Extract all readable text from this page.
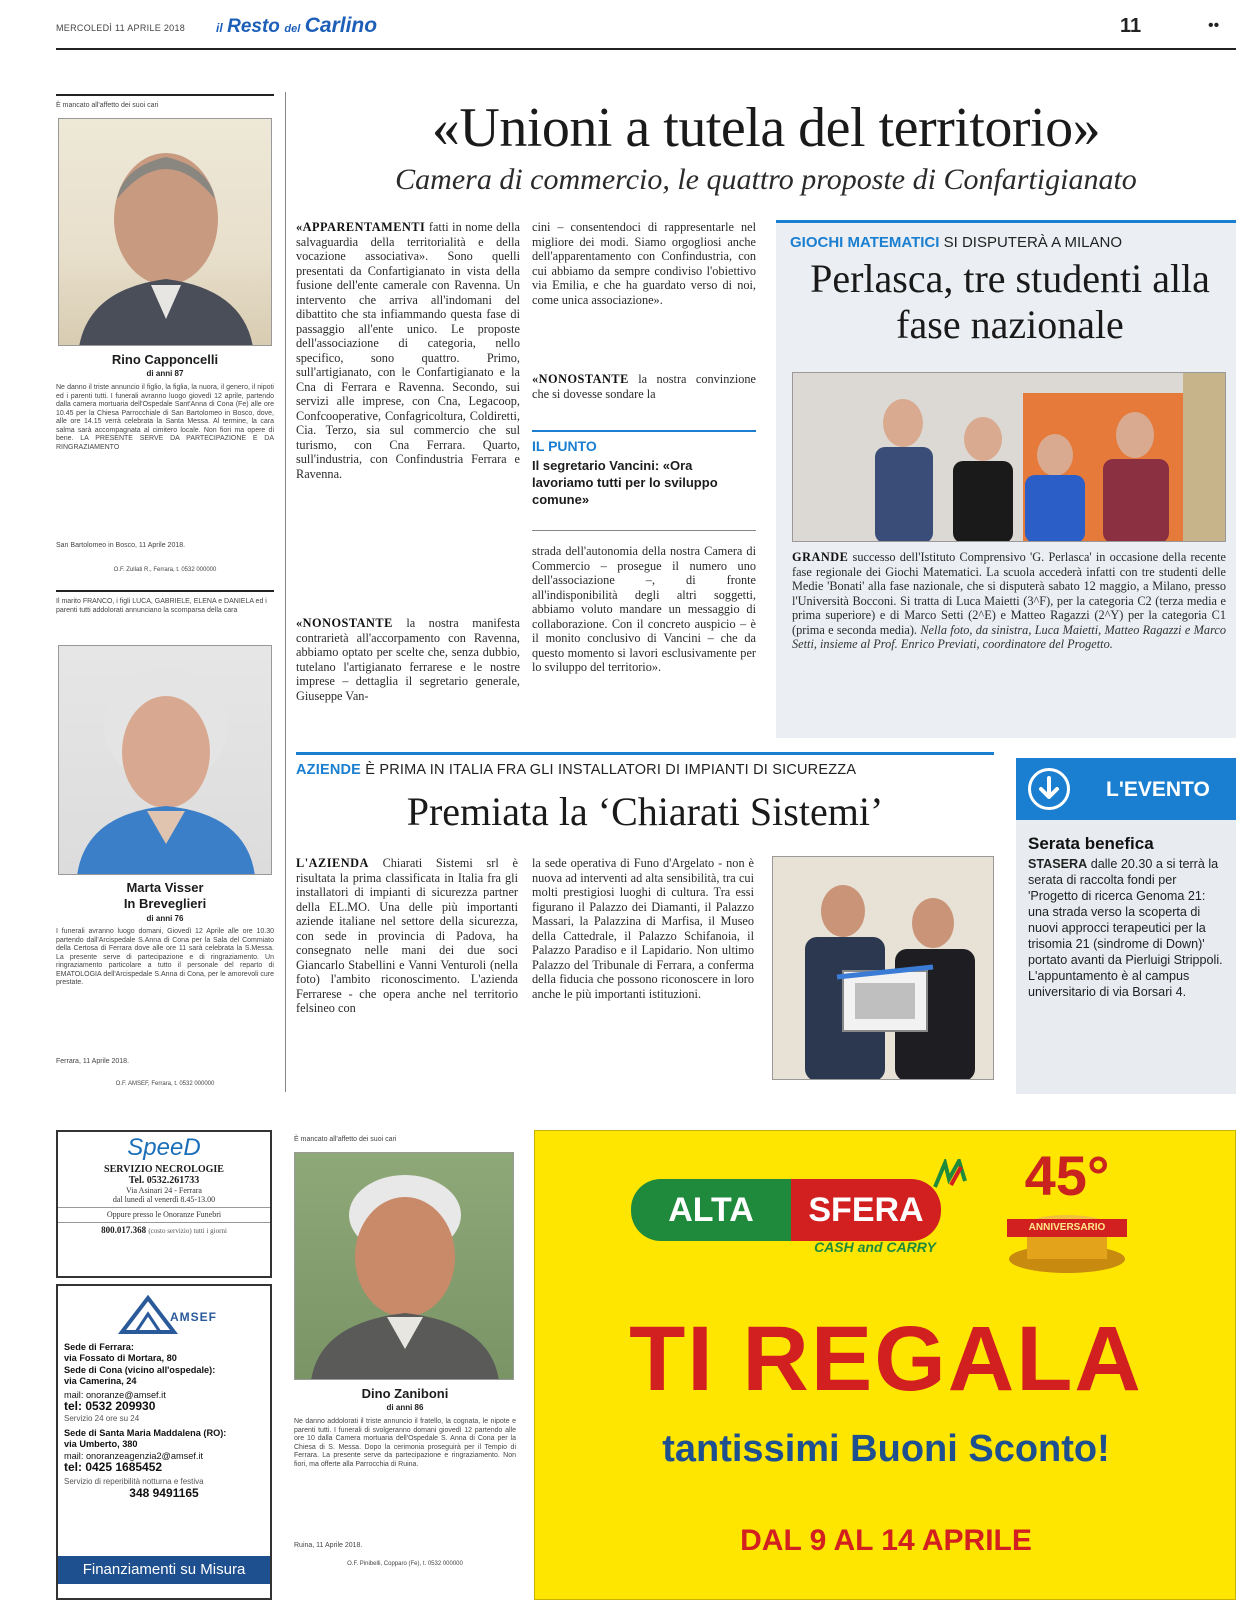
MERCOLEDÌ 11 APRILE 2018	il Resto del Carlino	11	••
È mancato all'affetto dei suoi cari
Rino Capponcelli
di anni 87
Ne danno il triste annuncio il figlio, la figlia, la nuora, il genero, il nipoti ed i parenti tutti. I funerali avranno luogo giovedì 12 aprile, partendo dalla camera mortuaria dell'Ospedale Sant'Anna di Cona (Fe) alle ore 10.45 per la Chiesa Parrocchiale di San Bartolomeo in Bosco, dove, alle ore 14.15 verrà celebrata la Santa Messa. Al termine, la cara salma sarà accompagnata al cimitero locale. Non fiori ma opere di bene. LA PRESENTE SERVE DA PARTECIPAZIONE E DA RINGRAZIAMENTO
San Bartolomeo in Bosco, 11 Aprile 2018.
O.F. Zullati R., Ferrara, t. 0532 000000
Il marito FRANCO, i figli LUCA, GABRIELE, ELENA e DANIELA ed i parenti tutti addolorati annunciano la scomparsa della cara
Marta Visser
In Breveglieri
di anni 76
I funerali avranno luogo domani, Giovedì 12 Aprile alle ore 10.30 partendo dall'Arcispedale S.Anna di Cona per la Sala del Commiato della Certosa di Ferrara dove alle ore 11 sarà celebrata la S.Messa. La presente serve di partecipazione e di ringraziamento. Un ringraziamento particolare a tutto il personale del reparto di EMATOLOGIA dell'Arcispedale S.Anna di Cona, per le amorevoli cure prestate.
Ferrara, 11 Aprile 2018.
O.F. AMSEF, Ferrara, t. 0532 000000
«Unioni a tutela del territorio»
Camera di commercio, le quattro proposte di Confartigianato
«APPARENTAMENTI fatti in nome della salvaguardia della territorialità e della vocazione associativa». Sono quelli presentati da Confartigianato in vista della fusione dell'ente camerale con Ravenna. Un intervento che arriva all'indomani del dibattito che sta infiammando questa fase di passaggio all'ente unico. Le proposte dell'associazione di categoria, nello specifico, sono quattro. Primo, sull'artigianato, con le Confartigianato e la Cna di Ferrara e Ravenna. Secondo, sui servizi alle imprese, con Cna, Legacoop, Confcooperative, Confagricoltura, Coldiretti, Cia. Terzo, sia sul commercio che sul turismo, con Cna Ferrara. Quarto, sull'industria, con Confindustria Ferrara e Ravenna.
«NONOSTANTE la nostra manifesta contrarietà all'accorpamento con Ravenna, abbiamo optato per scelte che, senza dubbio, tutelano l'artigianato ferrarese e le nostre imprese – dettaglia il segretario generale, Giuseppe Van-
cini – consentendoci di rappresentarle nel migliore dei modi. Siamo orgogliosi anche dell'apparentamento con Confindustria, con cui abbiamo da sempre condiviso l'obiettivo via Emilia, e che ha guardato verso di noi, come unica associazione».
«NONOSTANTE la nostra convinzione che si dovesse sondare la
IL PUNTO
Il segretario Vancini: «Ora lavoriamo tutti per lo sviluppo comune»
strada dell'autonomia della nostra Camera di Commercio – prosegue il numero uno dell'associazione –, di fronte all'indisponibilità degli altri soggetti, abbiamo voluto mandare un messaggio di collaborazione. Con il concreto auspicio – è il monito conclusivo di Vancini – che da questo momento si lavori esclusivamente per lo sviluppo del territorio».
GIOCHI MATEMATICI SI DISPUTERÀ A MILANO
Perlasca, tre studenti alla fase nazionale
GRANDE successo dell'Istituto Comprensivo 'G. Perlasca' in occasione della recente fase regionale dei Giochi Matematici. La scuola accederà infatti con tre studenti delle Medie 'Bonati' alla fase nazionale, che si disputerà sabato 12 maggio, a Milano, presso l'Università Bocconi. Si tratta di Luca Maietti (3^F), per la categoria C2 (terza media e prima superiore) e di Marco Setti (2^E) e Matteo Ragazzi (2^Y) per la categoria C1 (prima e seconda media). Nella foto, da sinistra, Luca Maietti, Matteo Ragazzi e Marco Setti, insieme al Prof. Enrico Previati, coordinatore del Progetto.
AZIENDE È PRIMA IN ITALIA FRA GLI INSTALLATORI DI IMPIANTI DI SICUREZZA
Premiata la ‘Chiarati Sistemi’
L'AZIENDA Chiarati Sistemi srl è risultata la prima classificata in Italia fra gli installatori di impianti di sicurezza partner della EL.MO. Una delle più importanti aziende italiane nel settore della sicurezza, con sede in provincia di Padova, ha consegnato nelle mani dei due soci Giancarlo Stabellini e Vanni Venturoli (nella foto) l'ambito riconoscimento. L'azienda Ferrarese - che opera anche nel territorio felsineo con
la sede operativa di Funo d'Argelato - non è nuova ad interventi ad alta sensibilità, tra cui molti prestigiosi luoghi di cultura. Tra essi figurano il Palazzo dei Diamanti, il Palazzo Massari, la Palazzina di Marfisa, il Museo della Cattedrale, il Palazzo Schifanoia, il Palazzo Paradiso e il Lapidario. Non ultimo Palazzo del Tribunale di Ferrara, a conferma della fiducia che possono riconoscere in loro anche le più importanti istituzioni.
L'EVENTO
Serata benefica
STASERA dalle 20.30 a si terrà la serata di raccolta fondi per 'Progetto di ricerca Genoma 21: una strada verso la scoperta di nuovi approcci terapeutici per la trisomia 21 (sindrome di Down)' portato avanti da Pierluigi Strippoli. L'appuntamento è al campus universitario di via Borsari 4.
SpeeD
SERVIZIO NECROLOGIE
Tel. 0532.261733
Via Asinari 24 - Ferrara
dal lunedì al venerdì 8.45-13.00
Oppure presso le Onoranze Funebri
800.017.368 (costo servizio) tutti i giorni
AMSEF
Sede di Ferrara:
via Fossato di Mortara, 80
Sede di Cona (vicino all'ospedale):
via Camerina, 24
mail: onoranze@amsef.it
tel: 0532 209930
Servizio 24 ore su 24
Sede di Santa Maria Maddalena (RO):
via Umberto, 380
mail: onoranzeagenzia2@amsef.it
tel: 0425 1685452
Servizio di reperibilità notturna e festiva
348 9491165
Finanziamenti su Misura
È mancato all'affetto dei suoi cari
Dino Zaniboni
di anni 86
Ne danno addolorati il triste annuncio il fratello, la cognata, le nipote e parenti tutti. I funerali di svolgeranno domani giovedì 12 partendo alle ore 10 dalla Camera mortuaria dell'Ospedale S. Anna di Cona per la Chiesa di S. Messa. Dopo la cerimonia proseguirà per il Tempio di Ferrara. La presente serve da partecipazione e ringraziamento. Non fiori, ma offerte alla Parrocchia di Ruina.
Ruina, 11 Aprile 2018.
O.F. Pinibelli, Copparo (Fe), t. 0532 000000
ALTA	SFERA
CASH and CARRY
45°
ANNIVERSARIO
TI REGALA
tantissimi Buoni Sconto!
DAL 9 AL 14 APRILE
